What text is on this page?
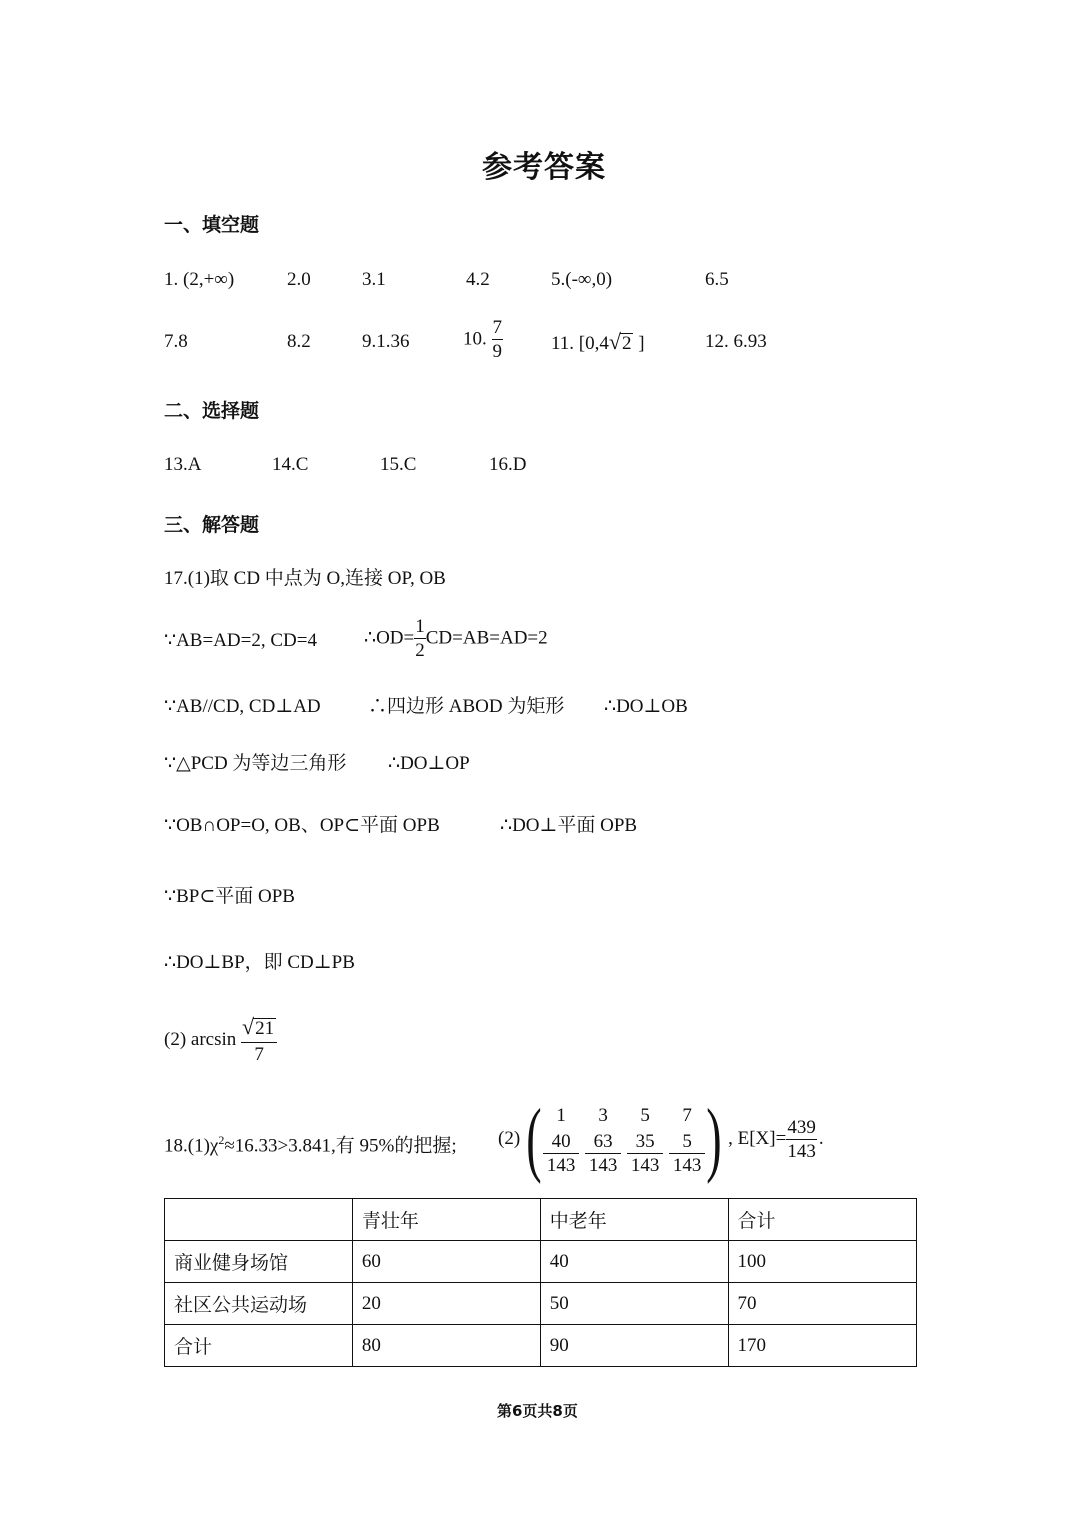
参考答案
一、填空题
1. (2,+∞)	2.0	3.1	4.2	5.(-∞,0)	6.5
7.8	8.2	9.1.36	10. $\frac{7}{9}$	11. [0,4√2 ]	12. 6.93
二、选择题
13.A	14.C	15.C	16.D
三、解答题
17.(1)取 CD 中点为 O,连接 OP, OB
∵AB=AD=2, CD=4 ∴OD= $\frac{1}{2} CD=AB=AD=2$
∵AB//CD, CD⊥AD ∴四边形 ABOD 为矩形 ∴DO⊥OB
∵△PCD 为等边三角形 ∴DO⊥OP
∵OB∩OP=O, OB、OP⊂平面 OPB	∴DO⊥平面 OPB
∵BP⊂平面 OPB
∴DO⊥BP，即 CD⊥PB
(2) $\arcsin \frac{√21}{7}$
$18.(1)\chi^2\approx 16.33>3.841$,有 95%的把握; (2) ( 1
40
143
3
63
143
5
35
143
7
5
143 ) , $E[X]= \frac{439}{143}$ .
	青壮年	中老年	合计
商业健身场馆	60	40	100
社区公共运动场	20	50	70
合计	80	90	170
第6页共8页
